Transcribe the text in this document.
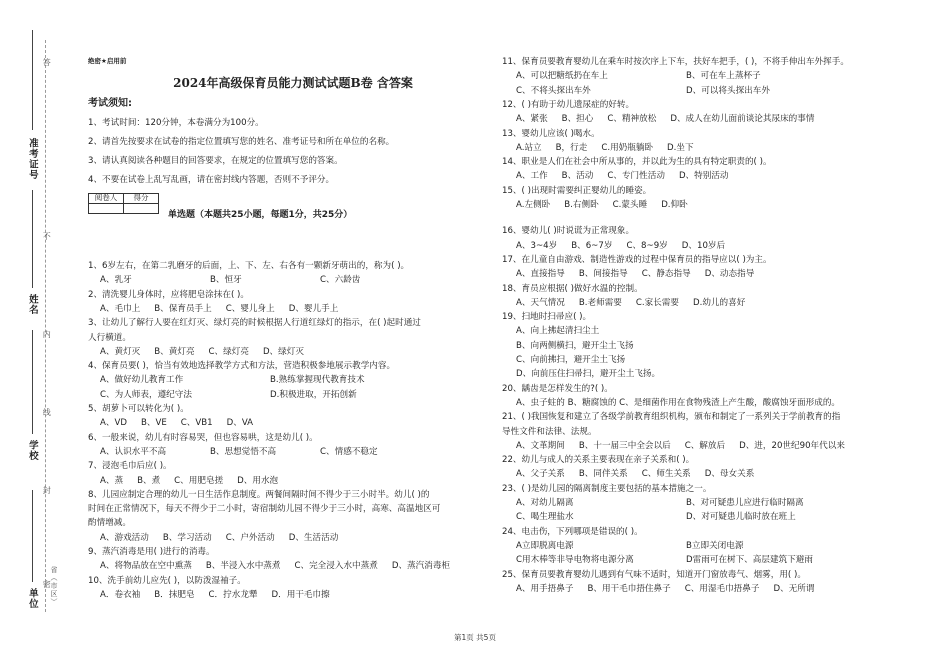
答
不
内
线
封
密
省（市区）
准考证号
姓名
学校
单位
绝密★启用前
2024年高级保育员能力测试试题B卷 含答案
考试须知:
1、考试时间：120分钟，本卷满分为100分。
2、请首先按要求在试卷的指定位置填写您的姓名、准考证号和所在单位的名称。
3、请认真阅读各种题目的回答要求，在规定的位置填写您的答案。
4、不要在试卷上乱写乱画，请在密封线内答题，否则不予评分。
阅卷人	得分

单选题（本题共25小题，每题1分，共25分）
1、6岁左右，在第二乳磨牙的后面，上、下、左、右各有一颗新牙萌出的，称为( )。
A、乳牙	B、恒牙	C、六龄齿
2、清洗婴儿身体时，应将肥皂涂抹在( )。
A、毛巾上 B、保育员手上 C、婴儿身上 D、婴儿手上
3、让幼儿了解行人要在红灯灭、绿灯亮的时候根据人行道红绿灯的指示，在( )起时通过
人行横道。
A、黄灯灭 B、黄灯亮 C、绿灯亮 D、绿灯灭
4、保育员要( )，恰当有效地选择教学方式和方法，营造积极参地展示教学内容。
A、做好幼儿教育工作	B.熟练掌握现代教育技术
C、为人师表，遵纪守法	D.积极进取，开拓创新
5、胡萝卜可以转化为( )。
A、VD B、VE C、VB1 D、VA
6、一般来说，幼儿有时容易哭，但也容易哄，这是幼儿( )。
A、认识水平不高	B、思想觉悟不高	C、情感不稳定
7、浸泡毛巾后应( )。
A、蒸 B、煮 C、用肥皂搓 D、用水泡
8、儿园应制定合理的幼儿一日生活作息制度。两餐间隔时间不得少于三小时半。幼儿( )的
时间在正常情况下，每天不得少于二小时，寄宿制幼儿园不得少于三小时，高寒、高温地区可
酌情增减。
A、游戏活动 B、学习活动 C、户外活动 D、生活活动
9、蒸汽消毒是用( )进行的消毒。
A、将物品放在空中熏蒸 B、半浸入水中蒸煮 C、完全浸入水中蒸煮 D、蒸汽消毒柜
10、洗手前幼儿应先( )，以防泼湿袖子。
A．卷衣袖 B．抹肥皂 C．拧水龙犟 D．用干毛巾擦
11、保育员要教育婴幼儿在乘车时按次序上下车，扶好车把手，( )，不将手伸出车外挥手。
A、可以把糖纸扔在车上	B、可在车上蒸杯子
C、不将头探出车外	D、可以将头探出车外
12、( )有助于幼儿遗尿症的好转。
A、紧张 B、担心 C、精神放松 D、成人在幼儿面前谈论其尿床的事情
13、婴幼儿应该( )喝水。
A.站立 B，行走 C.用奶瓶躺卧 D.坐下
14、职业是人们在社会中所从事的，并以此为生的具有特定职责的( )。
A、工作 B、活动 C、专门性活动 D、特别活动
15、( )出现时需要纠正婴幼儿的睡姿。
A.左侧卧 B.右侧卧 C.蒙头睡 D.仰卧
16、婴幼儿( )时说谎为正常现象。
A、3~4岁 B、6~7岁 C、8~9岁 D、10岁后
17、在儿童自由游戏、制造性游戏的过程中保育员的指导应以( )为主。
A、直接指导 B、间接指导 C、静态指导 D、动态指导
18、育员应根据( )做好水温的控制。
A、天气情况 B.老师需要 C.家长需要 D.幼儿的喜好
19、扫地时扫帚应( )。
A、向上拂起清扫尘土
B、向两侧横扫，避开尘土飞扬
C、向前拂扫，避开尘土飞扬
D、向前压住扫帚扫，避开尘土飞扬。
20、龋齿是怎样发生的?( )。
A、虫子蛀的 B、糖腐蚀的 C、是细菌作用在食物残渣上产生酸，酸腐蚀牙面形成的。
21、( )我国恢复和建立了各级学前教育组织机构，颁布和制定了一系列关于学前教育的指
导性文件和法律、法规。
A、文革期间 B、十一届三中全会以后 C、解放后 D、进，20世纪90年代以来
22、幼儿与成人的关系主要表现在亲子关系和( )。
A、父子关系 B、同伴关系 C、师生关系 D、母女关系
23、( )是幼儿园的隔离制度主要包括的基本措施之一。
A、对幼儿隔离	B、对可疑患儿应进行临时隔离
C、喝生理盐水	D、对可疑患儿临时放在班上
24、电击伤，下列哪项是错误的( )。
A立即脱离电源	B立即关闭电源
C用木棒等非导电物将电源分离	D雷雨可在树下、高层建筑下避雨
25、保育员要教育婴幼儿遇到有气味不适时，知道开门窗放毒气、烟雾，用( )。
A、用手捂鼻子 B、用干毛巾捂住鼻子 C、用湿毛巾捂鼻子 D、无所谓
第1页 共5页
